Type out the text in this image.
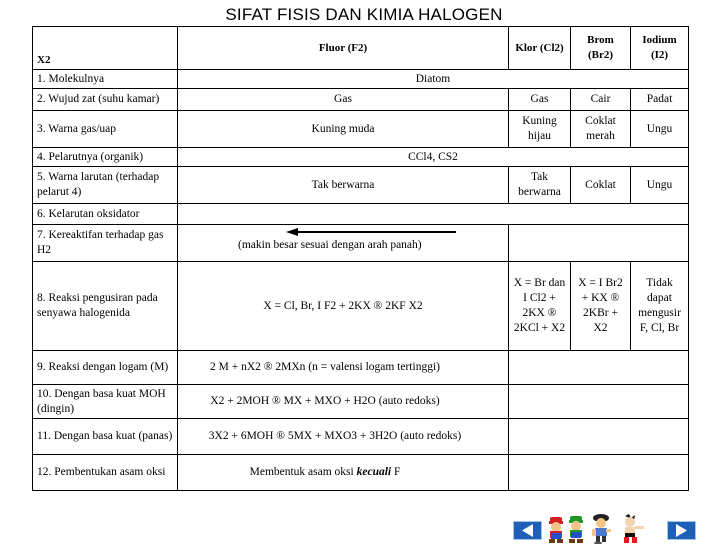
SIFAT FISIS DAN KIMIA HALOGEN
X2	Fluor (F2)	Klor (Cl2)	Brom (Br2)	Iodium (I2)
1. Molekulnya	Diatom			
2. Wujud zat (suhu kamar)	Gas	Gas	Cair	Padat
3. Warna gas/uap	Kuning muda	Kuning hijau	Coklat merah	Ungu
4. Pelarutnya (organik)	CCl4, CS2			
5. Warna larutan (terhadap pelarut 4)	Tak berwarna	Tak berwarna	Coklat	Ungu
6. Kelarutan oksidator				
7. Kereaktifan terhadap gas H2	(makin besar sesuai dengan arah panah)			
8. Reaksi pengusiran pada senyawa halogenida	X = Cl, Br, I F2 + 2KX ® 2KF X2	X = Br dan I Cl2 + 2KX ® 2KCl + X2	X = I Br2 + KX ® 2KBr + X2	Tidak dapat mengusir F, Cl, Br
9. Reaksi dengan logam (M)	2 M + nX2 ® 2MXn (n = valensi logam tertinggi)			
10. Dengan basa kuat MOH (dingin)	X2 + 2MOH ® MX + MXO + H2O (auto redoks)			
11. Dengan basa kuat (panas)	3X2 + 6MOH ® 5MX + MXO3 + 3H2O (auto redoks)			
12. Pembentukan asam oksi	Membentuk asam oksi kecuali F			
